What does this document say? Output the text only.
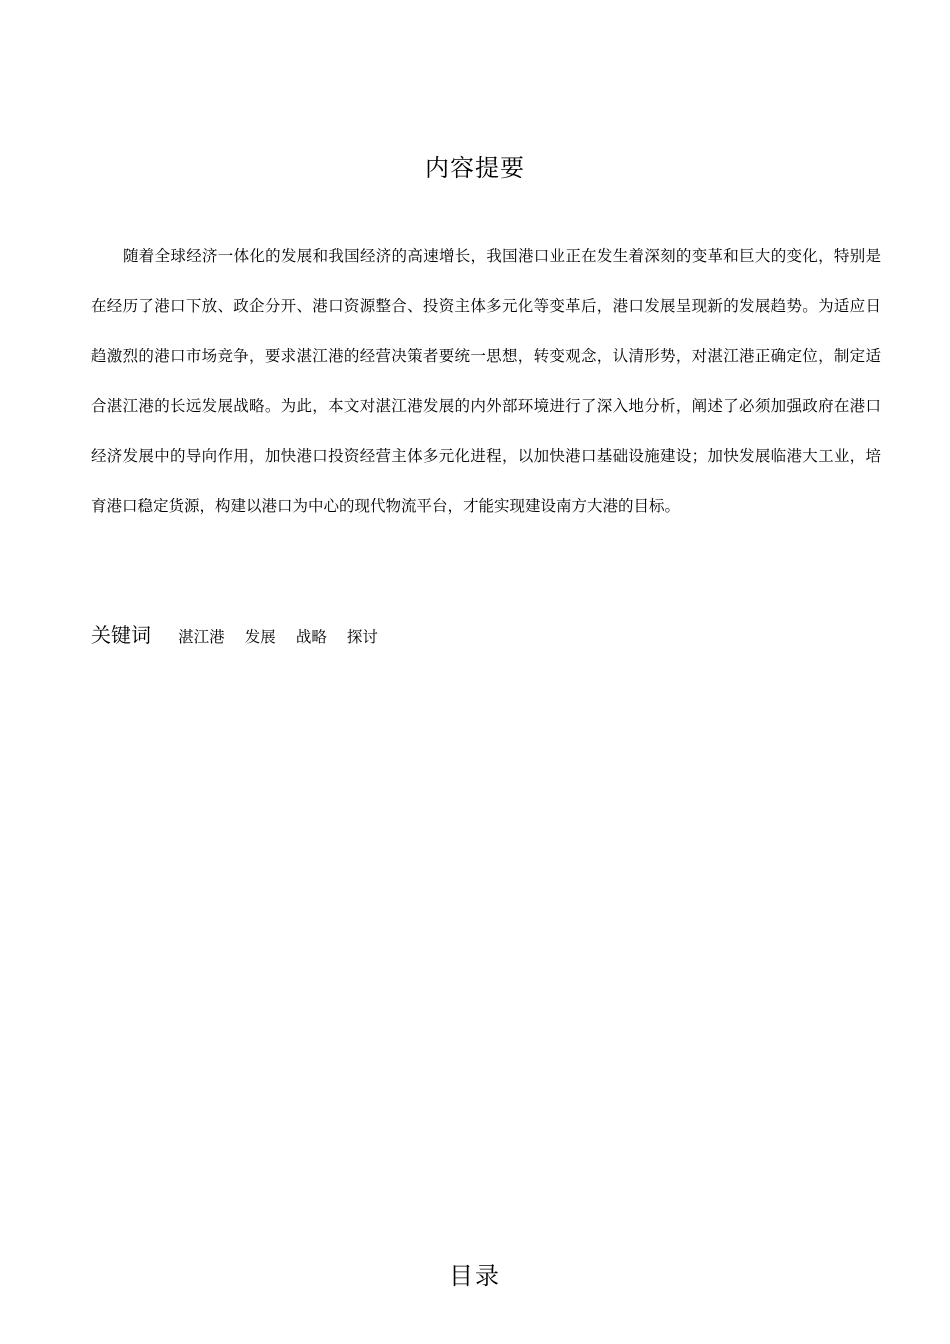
内容提要

随着全球经济一体化的发展和我国经济的高速增长，我国港口业正在发生着深刻的变革和巨大的变化，特别是在经历了港口下放、政企分开、港口资源整合、投资主体多元化等变革后，港口发展呈现新的发展趋势。为适应日趋激烈的港口市场竞争，要求湛江港的经营决策者要统一思想，转变观念，认清形势，对湛江港正确定位，制定适合湛江港的长远发展战略。为此，本文对湛江港发展的内外部环境进行了深入地分析，阐述了必须加强政府在港口经济发展中的导向作用，加快港口投资经营主体多元化进程，以加快港口基础设施建设；加快发展临港大工业，培育港口稳定货源，构建以港口为中心的现代物流平台，才能实现建设南方大港的目标。

关键词 湛江港 发展 战略 探讨
目录
